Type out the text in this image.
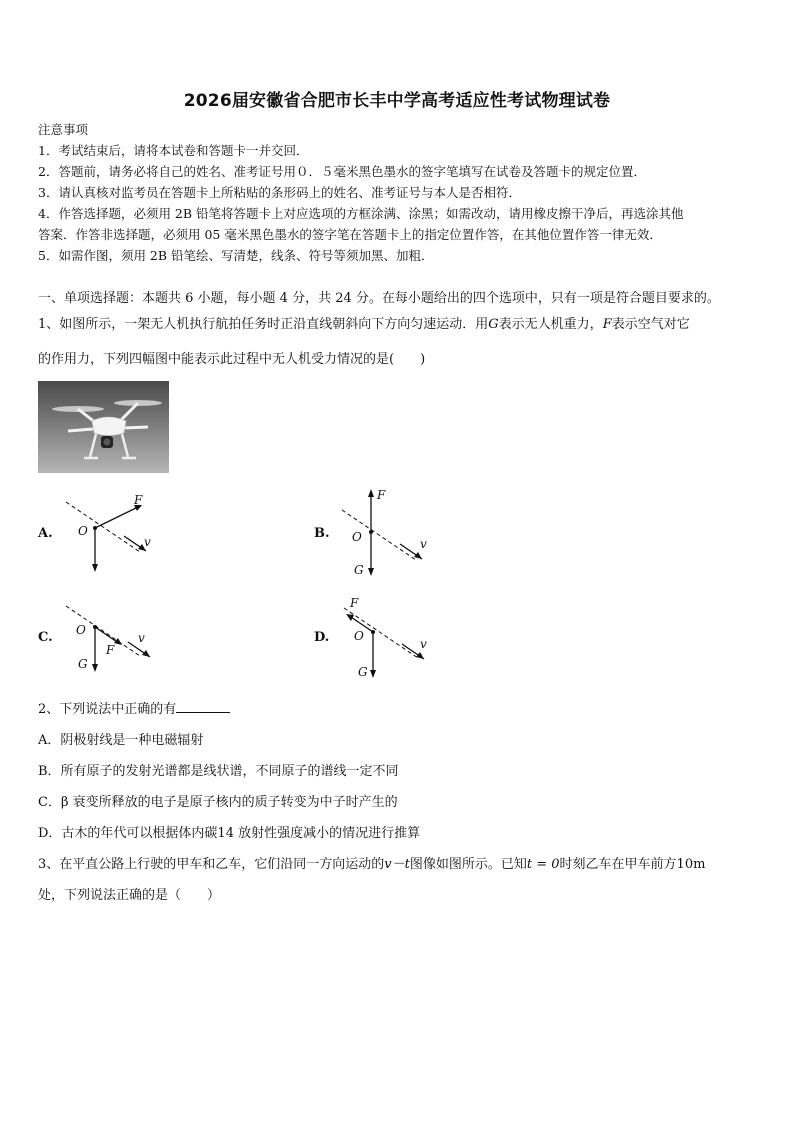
2026届安徽省合肥市长丰中学高考适应性考试物理试卷
注意事项
1．考试结束后，请将本试卷和答题卡一并交回．
2．答题前，请务必将自己的姓名、准考证号用０．５毫米黑色墨水的签字笔填写在试卷及答题卡的规定位置．
3．请认真核对监考员在答题卡上所粘贴的条形码上的姓名、准考证号与本人是否相符．
4．作答选择题，必须用 2B 铅笔将答题卡上对应选项的方框涂满、涂黑；如需改动，请用橡皮擦干净后，再选涂其他
答案．作答非选择题，必须用 05 毫米黑色墨水的签字笔在答题卡上的指定位置作答，在其他位置作答一律无效．
5．如需作图，须用 2B 铅笔绘、写清楚，线条、符号等须加黑、加粗．
一、单项选择题：本题共 6 小题，每小题 4 分，共 24 分。在每小题给出的四个选项中，只有一项是符合题目要求的。
1、如图所示，一架无人机执行航拍任务时正沿直线朝斜向下方向匀速运动．用G表示无人机重力，F表示空气对它
的作用力，下列四幅图中能表示此过程中无人机受力情况的是(　　)
A.
F
O
v
B.
F
O	v
G
C. O
F
v
G
D.
F
O
v
G
2、下列说法中正确的有
A．阴极射线是一种电磁辐射
B．所有原子的发射光谱都是线状谱，不同原子的谱线一定不同
C．β 衰变所释放的电子是原子核内的质子转变为中子时产生的
D．古木的年代可以根据体内碳14 放射性强度减小的情况进行推算
3、在平直公路上行驶的甲车和乙车，它们沿同一方向运动的v－t图像如图所示。已知t = 0时刻乙车在甲车前方10m
处，下列说法正确的是（　　）
